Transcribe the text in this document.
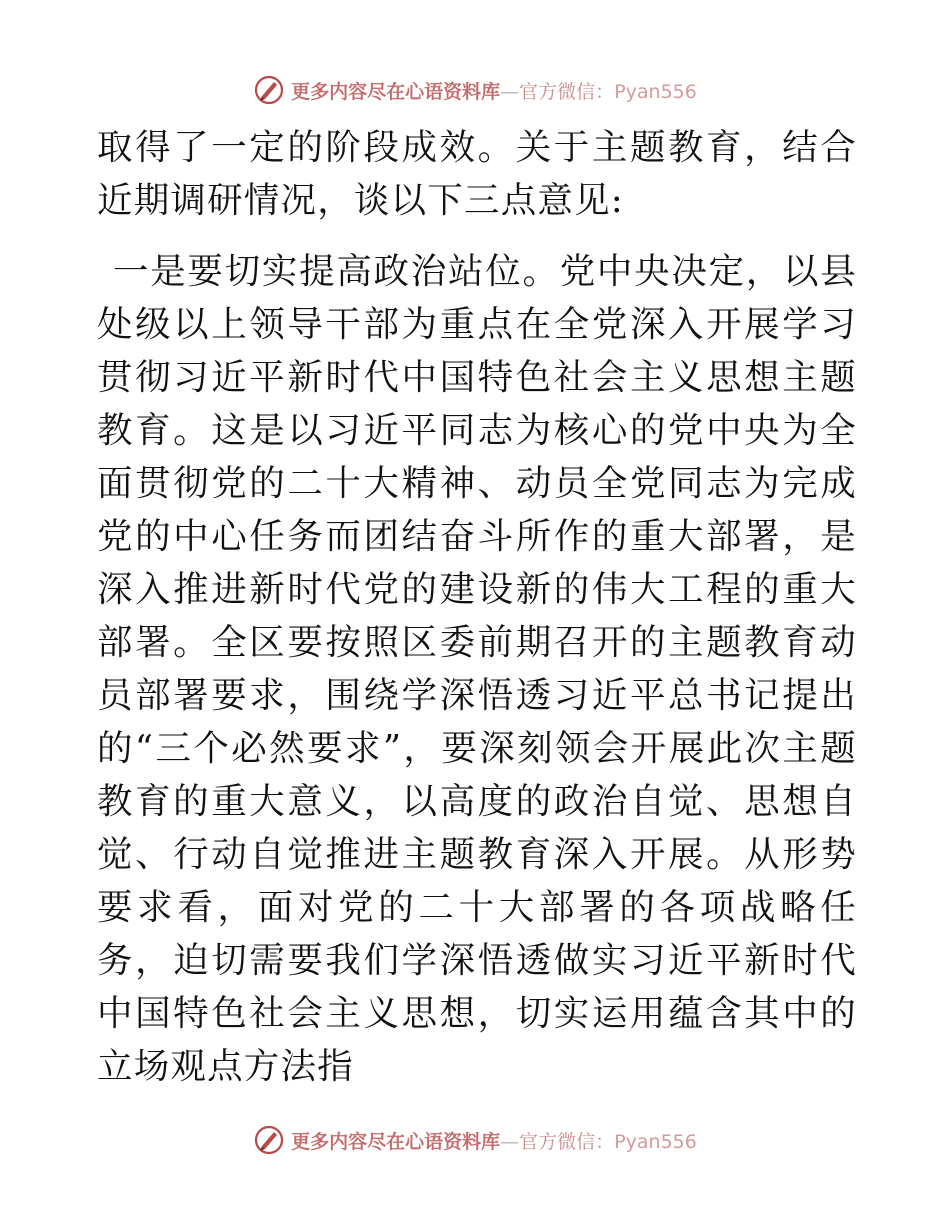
更多内容尽在心语资料库—官方微信：Pyan556

取得了一定的阶段成效。关于主题教育，结合近期调研情况，谈以下三点意见:

一是要切实提高政治站位。党中央决定，以县处级以上领导干部为重点在全党深入开展学习贯彻习近平新时代中国特色社会主义思想主题教育。这是以习近平同志为核心的党中央为全面贯彻党的二十大精神、动员全党同志为完成党的中心任务而团结奋斗所作的重大部署，是深入推进新时代党的建设新的伟大工程的重大部署。全区要按照区委前期召开的主题教育动员部署要求，围绕学深悟透习近平总书记提出的“三个必然要求”，要深刻领会开展此次主题教育的重大意义，以高度的政治自觉、思想自觉、行动自觉推进主题教育深入开展。从形势要求看，面对党的二十大部署的各项战略任务，迫切需要我们学深悟透做实习近平新时代中国特色社会主义思想，切实运用蕴含其中的立场观点方法指

更多内容尽在心语资料库—官方微信：Pyan556
